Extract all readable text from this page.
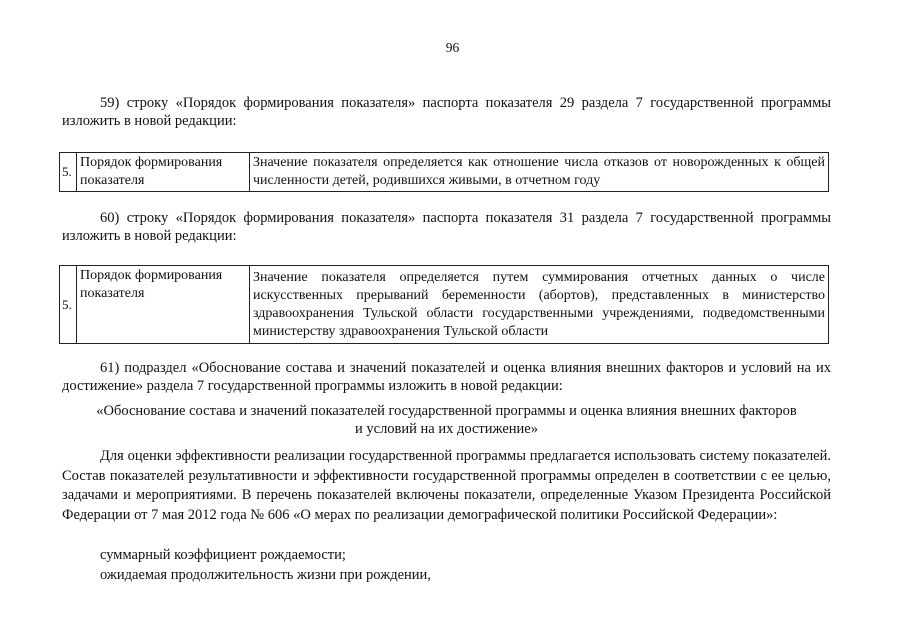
96
59) строку «Порядок формирования показателя» паспорта показателя 29 раздела 7 государственной программы изложить в новой редакции:
5.	Порядок формирования показателя	Значение показателя определяется как отношение числа отказов от новорожденных к общей численности детей, родившихся живыми, в отчетном году
60) строку «Порядок формирования показателя» паспорта показателя 31 раздела 7 государственной программы изложить в новой редакции:
5.	Порядок формирования показателя	Значение показателя определяется путем суммирования отчетных данных о числе искусственных прерываний беременности (абортов), представленных в министерство здравоохранения Тульской области государственными учреждениями, подведомственными министерству здравоохранения Тульской области
61) подраздел «Обоснование состава и значений показателей и оценка влияния внешних факторов и условий на их достижение» раздела 7 государственной программы изложить в новой редакции:
«Обоснование состава и значений показателей государственной программы и оценка влияния внешних факторов
и условий на их достижение»
Для оценки эффективности реализации государственной программы предлагается использовать систему показателей. Состав показателей результативности и эффективности государственной программы определен в соответствии с ее целью, задачами и мероприятиями. В перечень показателей включены показатели, определенные Указом Президента Российской Федерации от 7 мая 2012 года № 606 «О мерах по реализации демографической политики Российской Федерации»:
суммарный коэффициент рождаемости;
ожидаемая продолжительность жизни при рождении,
